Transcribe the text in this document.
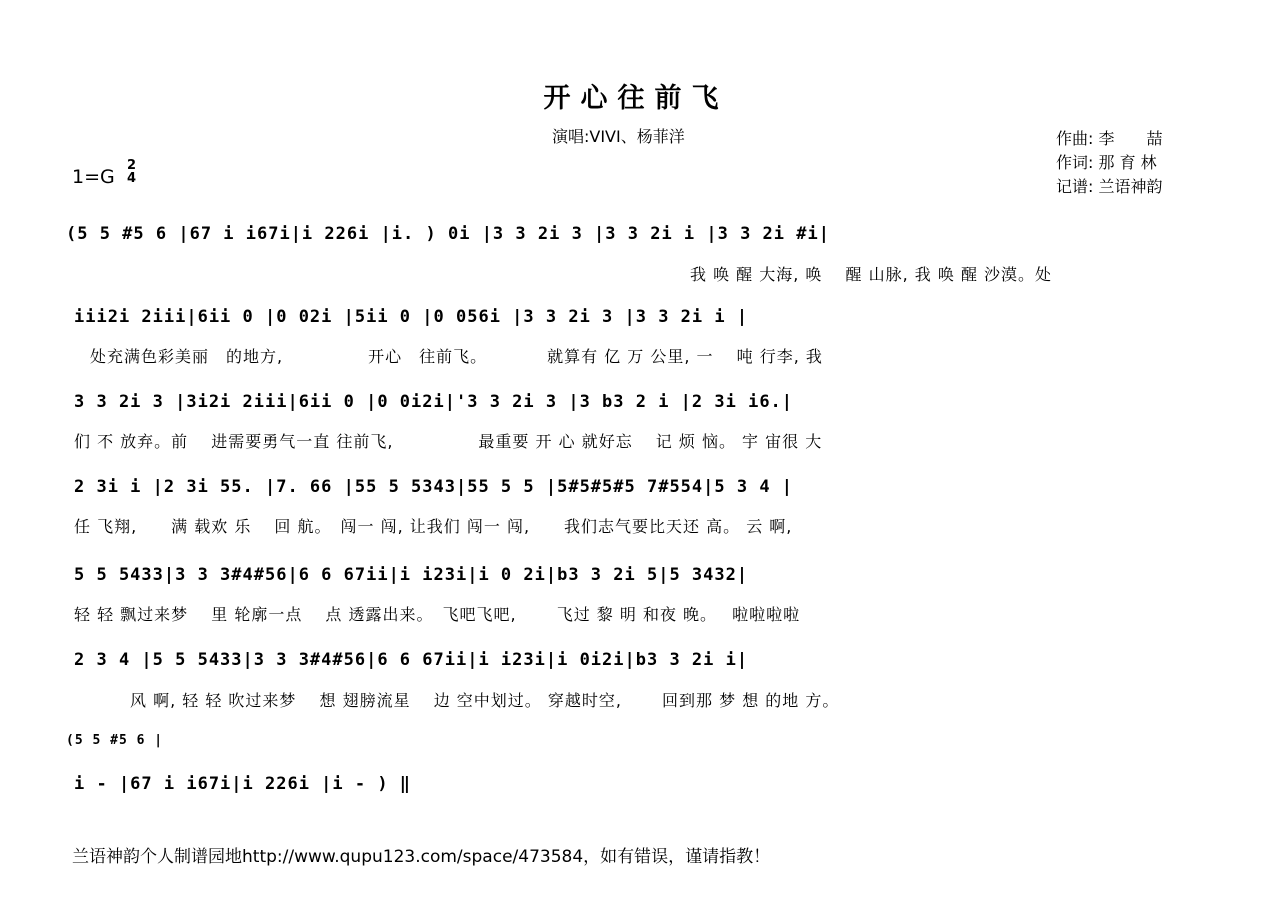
开心往前飞
演唱:VIVI、杨菲洋	作曲: 李　　喆
作词: 那 育 林
记谱: 兰语神韵
1=G
2
4
(5 5 #5 6 |67 i i67i|i 226i |i. ) 0i |3 3 2i 3 |3 3 2i i |3 3 2i #i|
我 唤 醒 大海, 唤　 醒 山脉, 我 唤 醒 沙漠。处
iii2i 2iii|6ii 0 |0 02i |5ii 0 |0 056i |3 3 2i 3 |3 3 2i i |
处充满色彩美丽　的地方,　　　　　开心　往前飞。　　　　就算有 亿 万 公里, 一　 吨 行李, 我
3 3 2i 3 |3i2i 2iii|6ii 0 |0 0i2i|'3 3 2i 3 |3 b3 2 i |2 3i i6.|
们 不 放弃。前　 进需要勇气一直 往前飞,　　　　　最重要 开 心 就好忘　 记 烦 恼。 宇 宙很 大
2 3i i |2 3i 55. |7. 66 |55 5 5343|55 5 5 |5#5#5#5 7#554|5 3 4 |
任 飞翔,　　满 载欢 乐 　回 航。　闯一 闯, 让我们 闯一 闯,　　我们志气要比天还 高。 云 啊,
5 5 5433|3 3 3#4#56|6 6 67ii|i i23i|i 0 2i|b3 3 2i 5|5 3432|
轻 轻 飘过来梦　 里 轮廓一点　 点 透露出来。　飞吧飞吧,　　 飞过 黎 明 和夜 晚。　 啦啦啦啦
2 3 4 |5 5 5433|3 3 3#4#56|6 6 67ii|i i23i|i 0i2i|b3 3 2i i|
风 啊, 轻 轻 吹过来梦　 想 翅膀流星　 边 空中划过。 穿越时空,　　 回到那 梦 想 的地 方。
(5 5 #5 6 |
i - |67 i i67i|i 226i |i - ) ‖
兰语神韵个人制谱园地http://www.qupu123.com/space/473584，如有错误，谨请指教！
